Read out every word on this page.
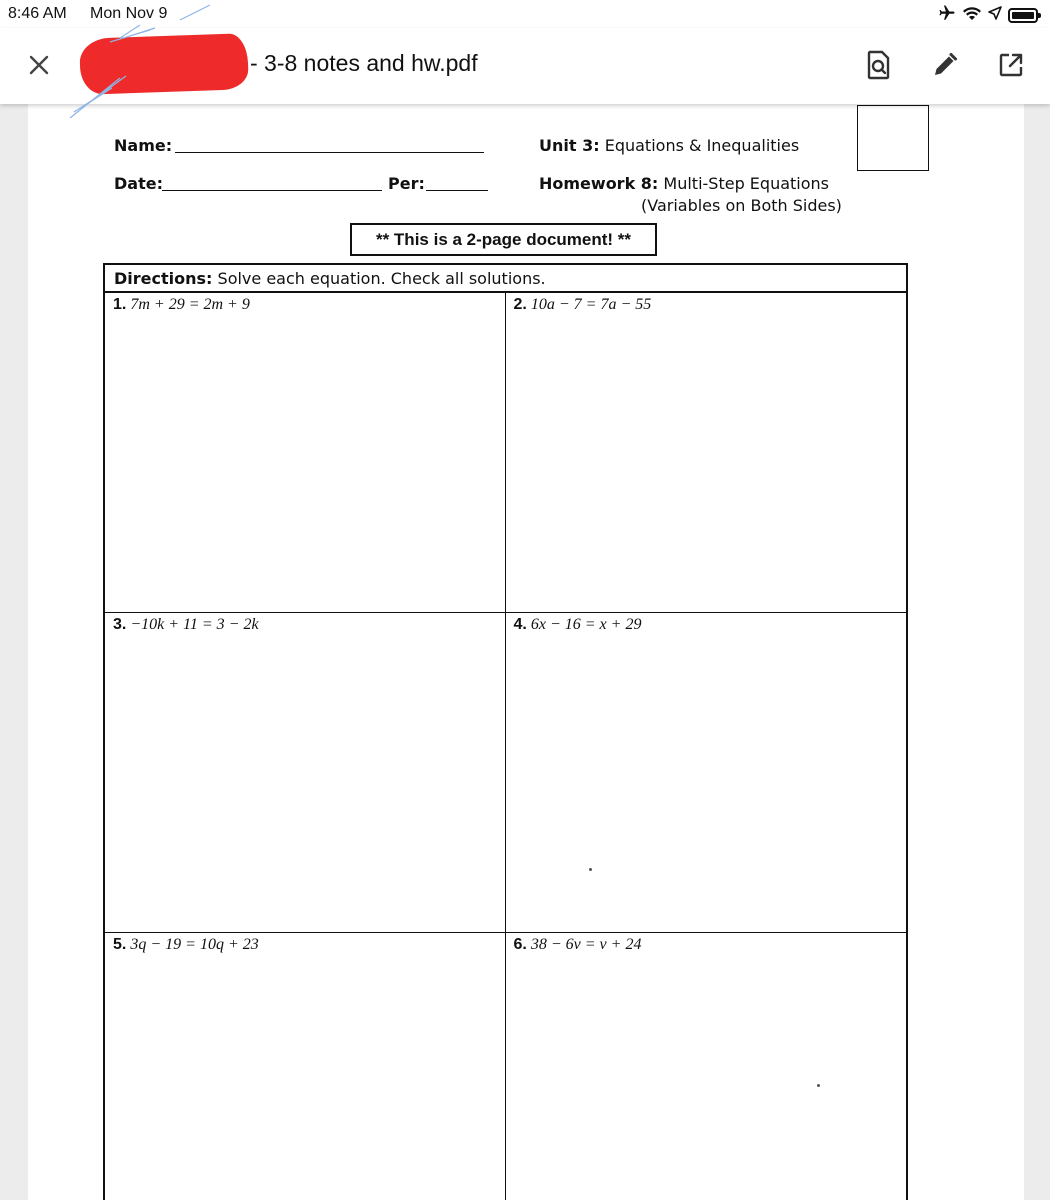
8:46 AM Mon Nov 9
- 3-8 notes and hw.pdf
Name:
Date:	Per:
Unit 3: Equations & Inequalities
Homework 8: Multi-Step Equations
(Variables on Both Sides)
** This is a 2-page document! **
Directions: Solve each equation. Check all solutions.
1. 7m + 29 = 2m + 9	2. 10a − 7 = 7a − 55
3. −10k + 11 = 3 − 2k	4. 6x − 16 = x + 29
5. 3q − 19 = 10q + 23	6. 38 − 6v = v + 24
